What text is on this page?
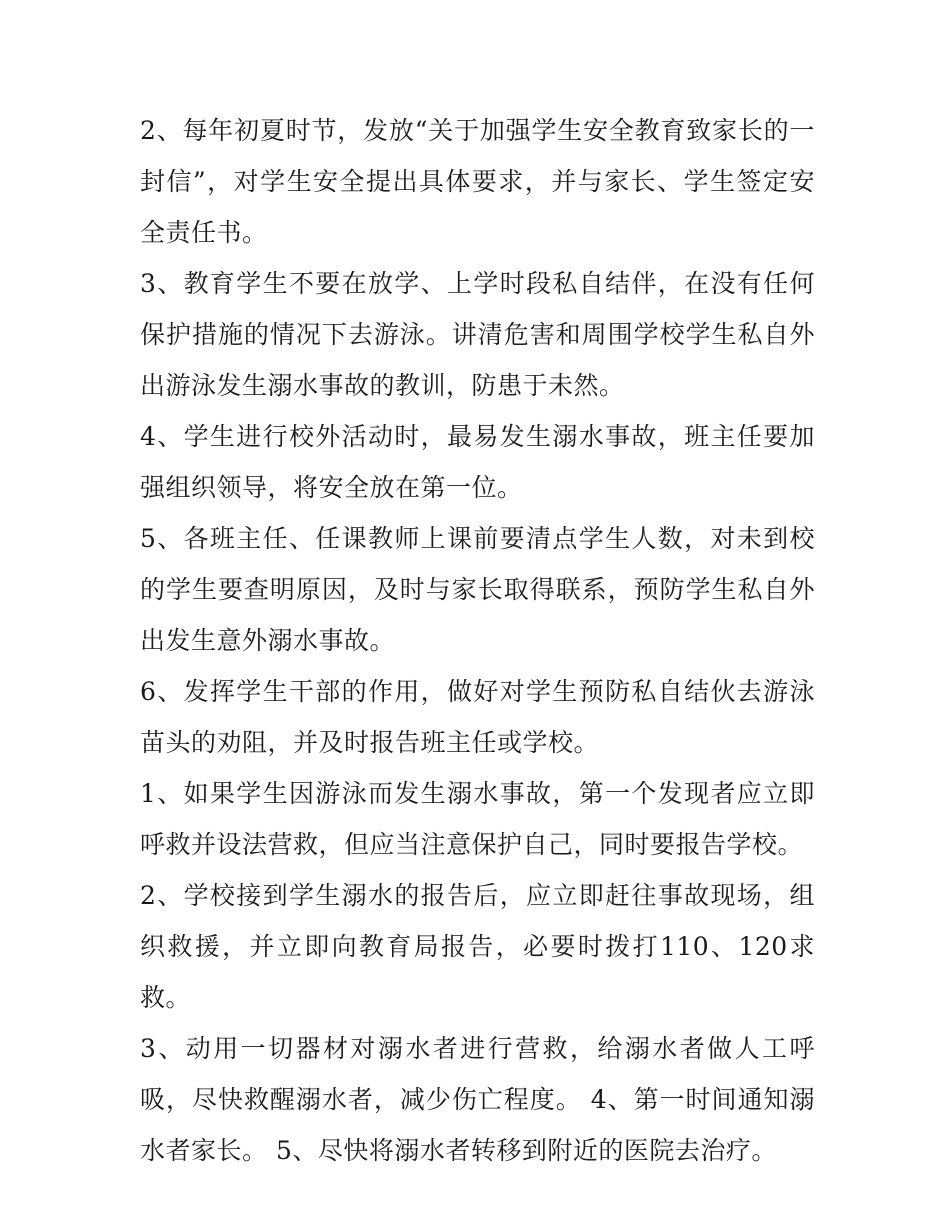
2、每年初夏时节，发放“关于加强学生安全教育致家长的一封信”，对学生安全提出具体要求，并与家长、学生签定安全责任书。

3、教育学生不要在放学、上学时段私自结伴，在没有任何保护措施的情况下去游泳。讲清危害和周围学校学生私自外出游泳发生溺水事故的教训，防患于未然。

4、学生进行校外活动时，最易发生溺水事故，班主任要加强组织领导，将安全放在第一位。

5、各班主任、任课教师上课前要清点学生人数，对未到校的学生要查明原因，及时与家长取得联系，预防学生私自外出发生意外溺水事故。

6、发挥学生干部的作用，做好对学生预防私自结伙去游泳苗头的劝阻，并及时报告班主任或学校。

1、如果学生因游泳而发生溺水事故，第一个发现者应立即呼救并设法营救，但应当注意保护自己，同时要报告学校。

2、学校接到学生溺水的报告后，应立即赶往事故现场，组织救援，并立即向教育局报告，必要时拨打110、120求救。

3、动用一切器材对溺水者进行营救，给溺水者做人工呼吸，尽快救醒溺水者，减少伤亡程度。 4、第一时间通知溺水者家长。 5、尽快将溺水者转移到附近的医院去治疗。
